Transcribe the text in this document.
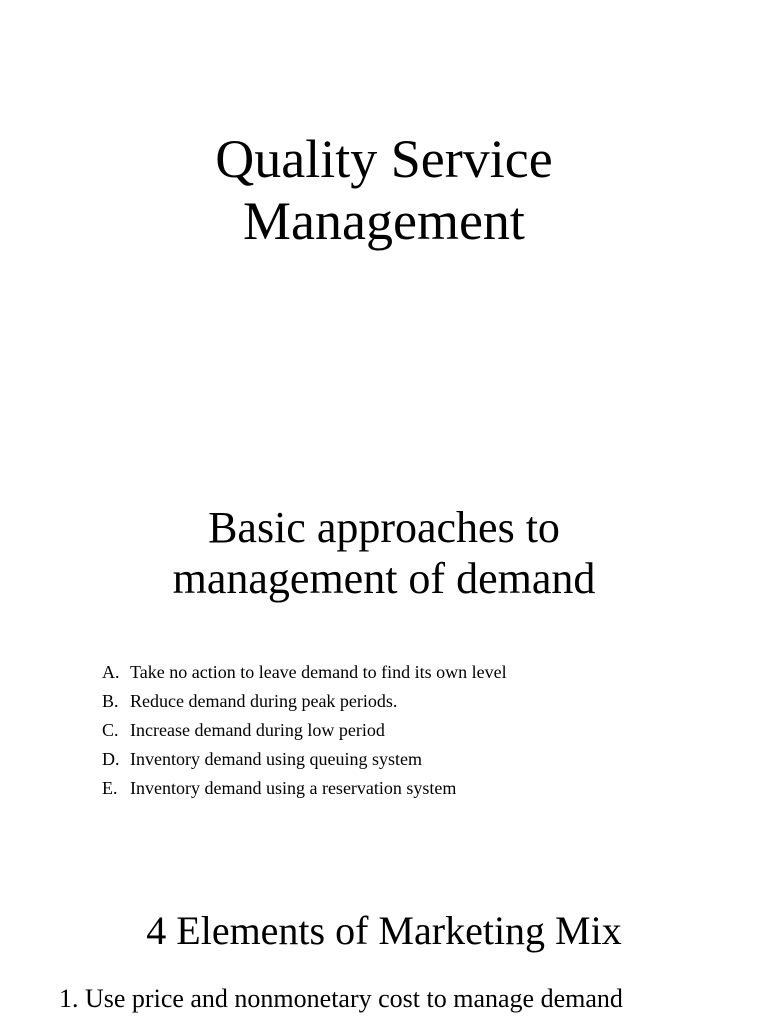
Quality Service
Management
Basic approaches to
management of demand
A. Take no action to leave demand to find its own level
B. Reduce demand during peak periods.
C. Increase demand during low period
D. Inventory demand using queuing system
E. Inventory demand using a reservation system
4 Elements of Marketing Mix

1. Use price and nonmonetary cost to manage demand
